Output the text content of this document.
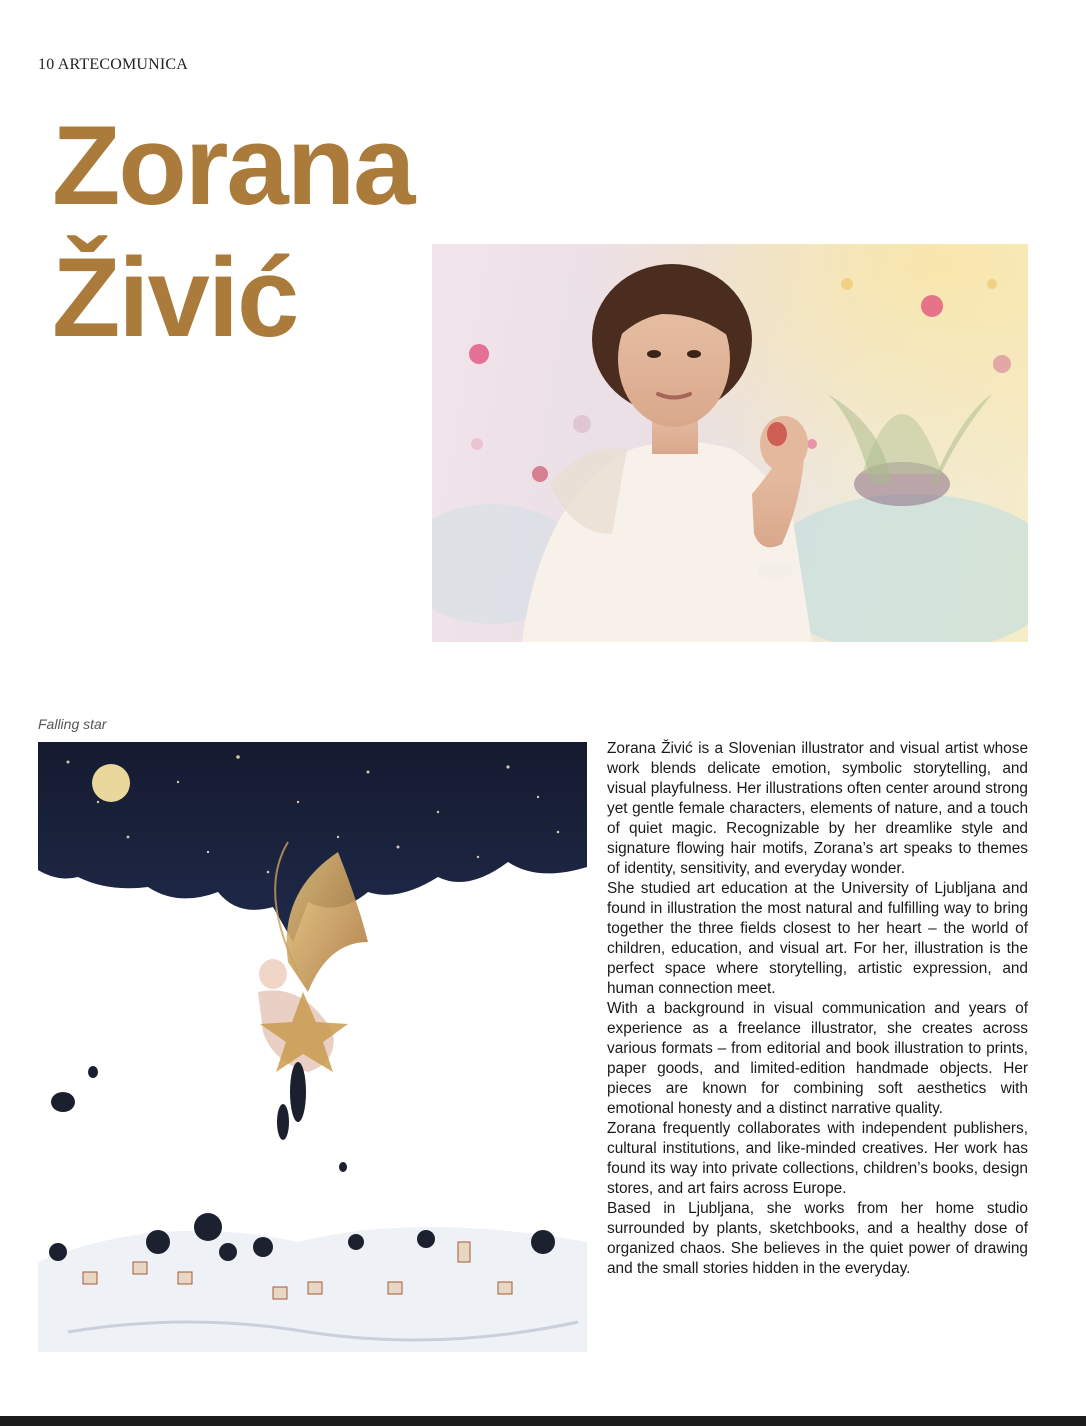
10 ARTECOMUNICA
Zorana
Živić
Falling star

Zorana Živić is a Slovenian illustrator and visual artist whose work blends delicate emotion, symbolic storytelling, and visual playfulness. Her illustrations often center around strong yet gentle female characters, elements of nature, and a touch of quiet magic. Recognizable by her dreamlike style and signature flowing hair motifs, Zorana’s art speaks to themes of identity, sensitivity, and everyday wonder.

She studied art education at the University of Ljubljana and found in illustration the most natural and fulfilling way to bring together the three fields closest to her heart – the world of children, education, and visual art. For her, illustration is the perfect space where storytelling, artistic expression, and human connection meet.

With a background in visual communication and years of experience as a freelance illustrator, she creates across various formats – from editorial and book illustration to prints, paper goods, and limited-edition handmade objects. Her pieces are known for combining soft aesthetics with emotional honesty and a distinct narrative quality.

Zorana frequently collaborates with independent publishers, cultural institutions, and like-minded creatives. Her work has found its way into private collections, children’s books, design stores, and art fairs across Europe.

Based in Ljubljana, she works from her home studio surrounded by plants, sketchbooks, and a healthy dose of organized chaos. She believes in the quiet power of drawing and the small stories hidden in the everyday.
